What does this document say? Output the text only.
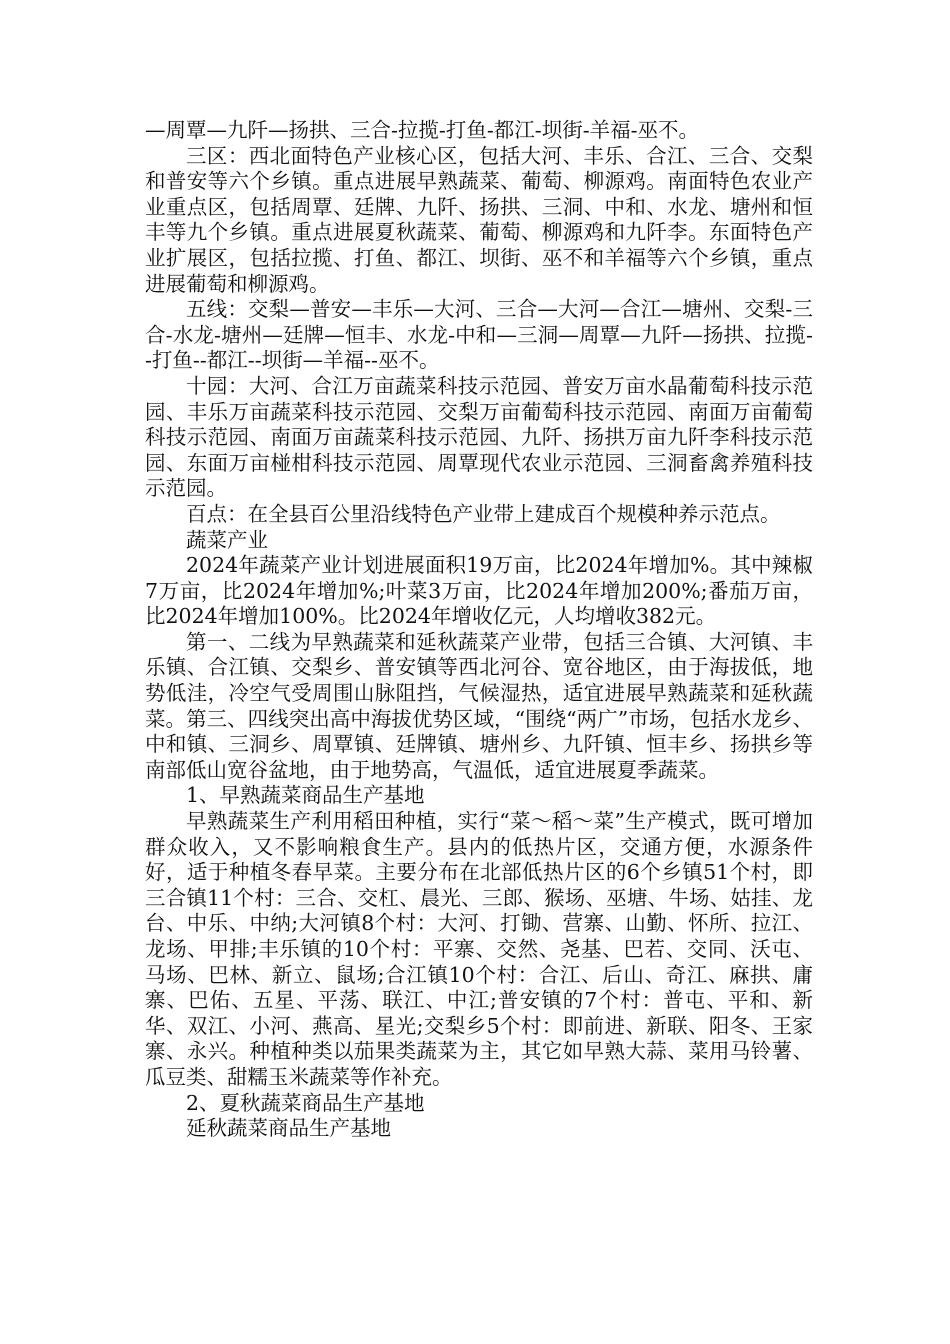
—周覃—九阡—扬拱、三合-拉揽-打鱼-都江-坝街-羊福-巫不。

三区：西北面特色产业核心区，包括大河、丰乐、合江、三合、交梨和普安等六个乡镇。重点进展早熟蔬菜、葡萄、柳源鸡。南面特色农业产业重点区，包括周覃、廷牌、九阡、扬拱、三洞、中和、水龙、塘州和恒丰等九个乡镇。重点进展夏秋蔬菜、葡萄、柳源鸡和九阡李。东面特色产业扩展区，包括拉揽、打鱼、都江、坝街、巫不和羊福等六个乡镇，重点进展葡萄和柳源鸡。

五线：交梨—普安—丰乐—大河、三合—大河—合江—塘州、交梨-三合-水龙-塘州—廷牌—恒丰、水龙-中和—三洞—周覃—九阡—扬拱、拉揽--打鱼--都江--坝街—羊福--巫不。

十园：大河、合江万亩蔬菜科技示范园、普安万亩水晶葡萄科技示范园、丰乐万亩蔬菜科技示范园、交梨万亩葡萄科技示范园、南面万亩葡萄科技示范园、南面万亩蔬菜科技示范园、九阡、扬拱万亩九阡李科技示范园、东面万亩椪柑科技示范园、周覃现代农业示范园、三洞畜禽养殖科技示范园。

百点：在全县百公里沿线特色产业带上建成百个规模种养示范点。

蔬菜产业

2024年蔬菜产业计划进展面积19万亩，比2024年增加%。其中辣椒7万亩，比2024年增加%;叶菜3万亩，比2024年增加200%;番茄万亩，比2024年增加100%。比2024年增收亿元，人均增收382元。

第一、二线为早熟蔬菜和延秋蔬菜产业带，包括三合镇、大河镇、丰乐镇、合江镇、交梨乡、普安镇等西北河谷、宽谷地区，由于海拔低，地势低洼，冷空气受周围山脉阻挡，气候湿热，适宜进展早熟蔬菜和延秋蔬菜。第三、四线突出高中海拔优势区域，“围绕“两广”市场，包括水龙乡、中和镇、三洞乡、周覃镇、廷牌镇、塘州乡、九阡镇、恒丰乡、扬拱乡等南部低山宽谷盆地，由于地势高，气温低，适宜进展夏季蔬菜。

1、早熟蔬菜商品生产基地

早熟蔬菜生产利用稻田种植，实行“菜～稻～菜”生产模式，既可增加群众收入，又不影响粮食生产。县内的低热片区，交通方便，水源条件好，适于种植冬春早菜。主要分布在北部低热片区的6个乡镇51个村，即三合镇11个村：三合、交杠、晨光、三郎、猴场、巫塘、牛场、姑挂、龙台、中乐、中纳;大河镇8个村：大河、打锄、营寨、山勤、怀所、拉江、龙场、甲排;丰乐镇的10个村：平寨、交然、尧基、巴若、交同、沃屯、马场、巴林、新立、鼠场;合江镇10个村：合江、后山、奇江、麻拱、庸寨、巴佑、五星、平荡、联江、中江;普安镇的7个村：普屯、平和、新华、双江、小河、燕高、星光;交梨乡5个村：即前进、新联、阳冬、王家寨、永兴。种植种类以茄果类蔬菜为主，其它如早熟大蒜、菜用马铃薯、瓜豆类、甜糯玉米蔬菜等作补充。

2、夏秋蔬菜商品生产基地

延秋蔬菜商品生产基地
